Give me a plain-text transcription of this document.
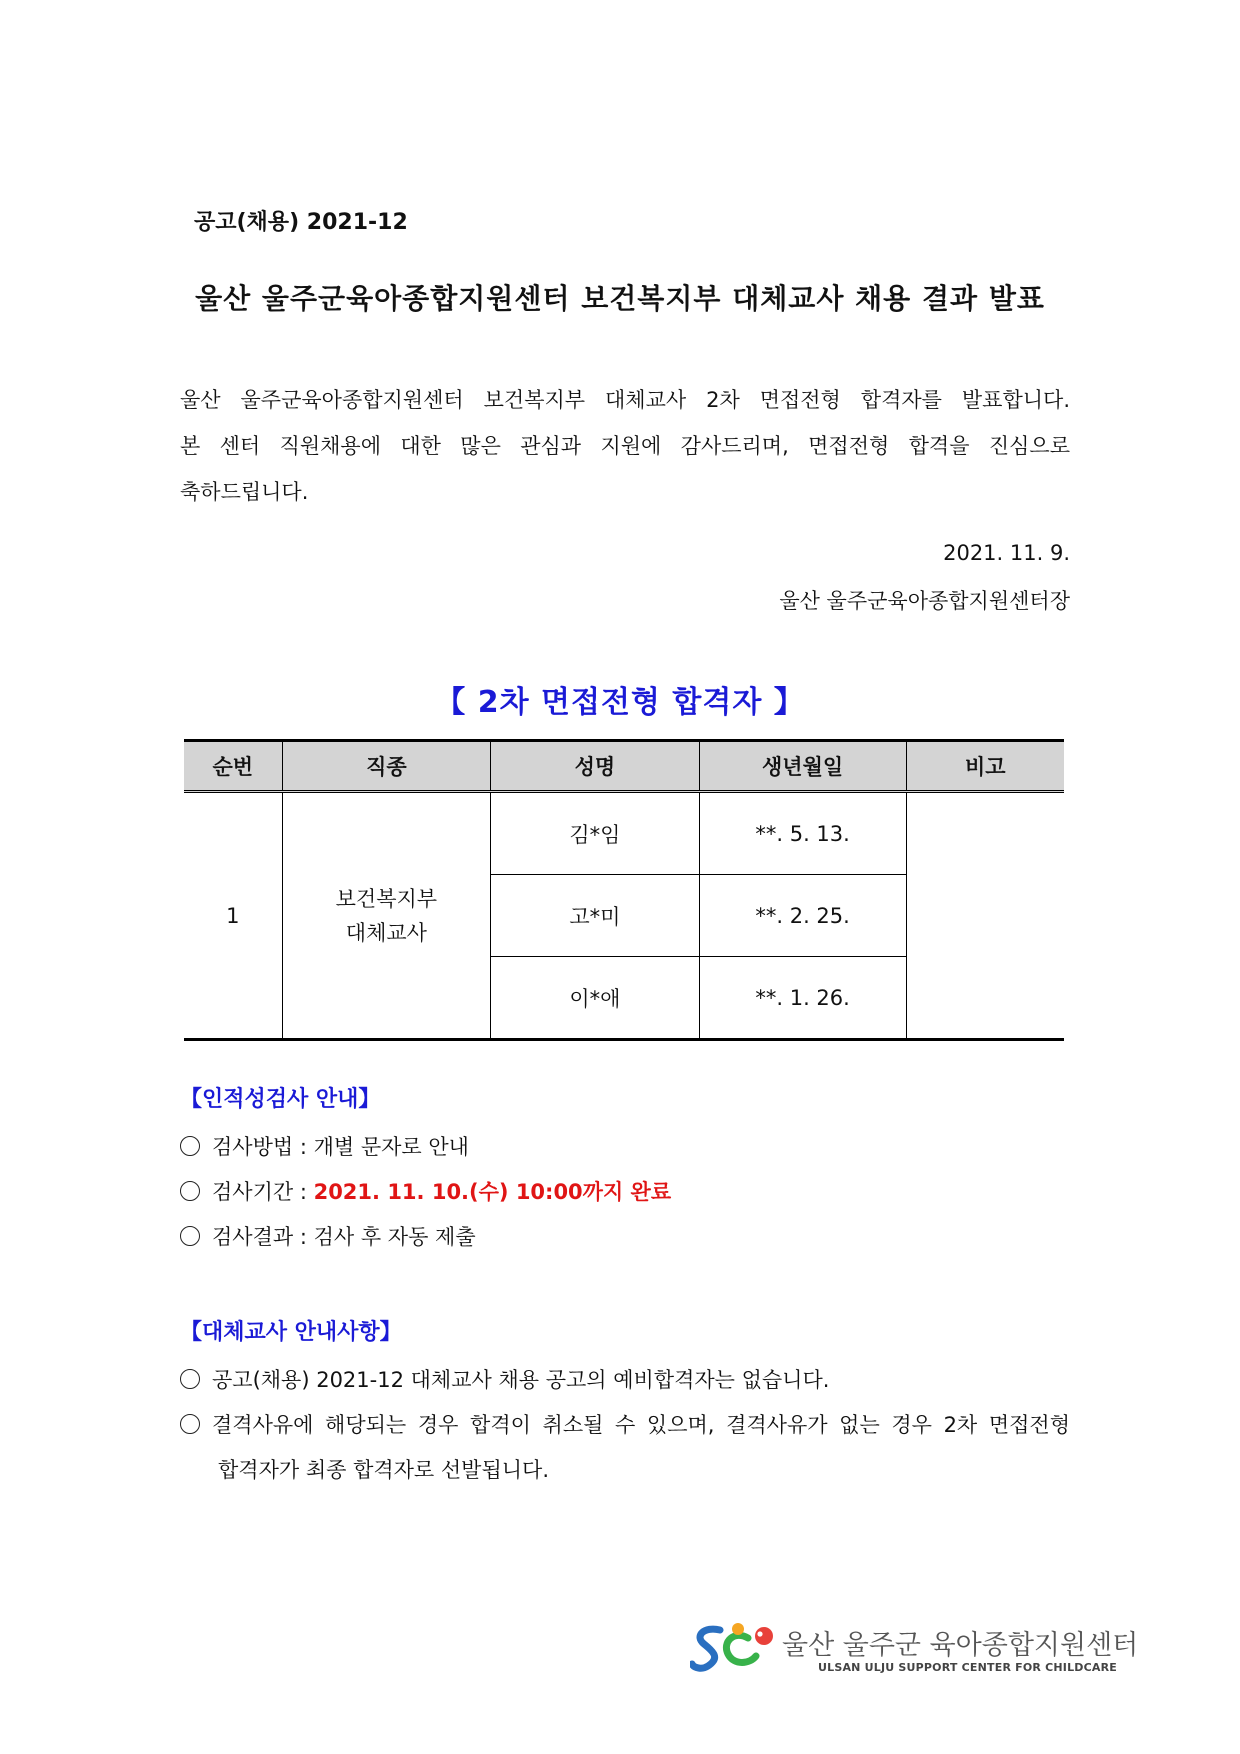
공고(채용) 2021-12
울산 울주군육아종합지원센터 보건복지부 대체교사 채용 결과 발표

울산 울주군육아종합지원센터 보건복지부 대체교사 2차 면접전형 합격자를 발표합니다.

본 센터 직원채용에 대한 많은 관심과 지원에 감사드리며, 면접전형 합격을 진심으로

축하드립니다.

2021. 11. 9.
울산 울주군육아종합지원센터장
【 2차 면접전형 합격자 】
순번	직종	성명	생년월일	비고
1	보건복지부
대체교사	김*임	**. 5. 13.	
		고*미	**. 2. 25.	
		이*애	**. 1. 26.	
【인적성검사 안내】
검사방법 : 개별 문자로 안내
검사기간 : 2021. 11. 10.(수) 10:00까지 완료
검사결과 : 검사 후 자동 제출
【대체교사 안내사항】
공고(채용) 2021-12 대체교사 채용 공고의 예비합격자는 없습니다.
결격사유에 해당되는 경우 합격이 취소될 수 있으며, 결격사유가 없는 경우 2차 면접전형
합격자가 최종 합격자로 선발됩니다.
울산 울주군 육아종합지원센터
ULSAN ULJU SUPPORT CENTER FOR CHILDCARE
